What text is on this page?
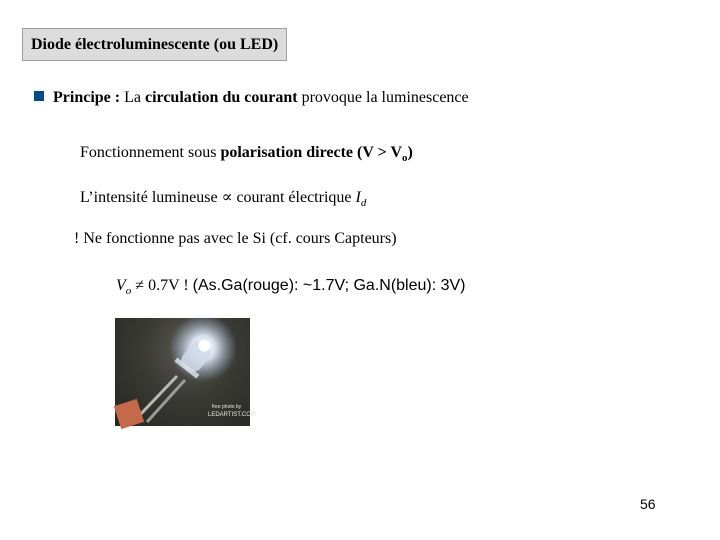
Diode électroluminescente (ou LED)
Principe : La circulation du courant provoque la luminescence
Fonctionnement sous polarisation directe $(V > V_o)$
L’intensité lumineuse ∝ courant électrique $I_d$
! Ne fonctionne pas avec le Si (cf. cours Capteurs)
$V_o \ne 0.7V$ ! (As.Ga(rouge): ~1.7V; Ga.N(bleu): 3V)
free photo by
LEDARTIST.COM
56
